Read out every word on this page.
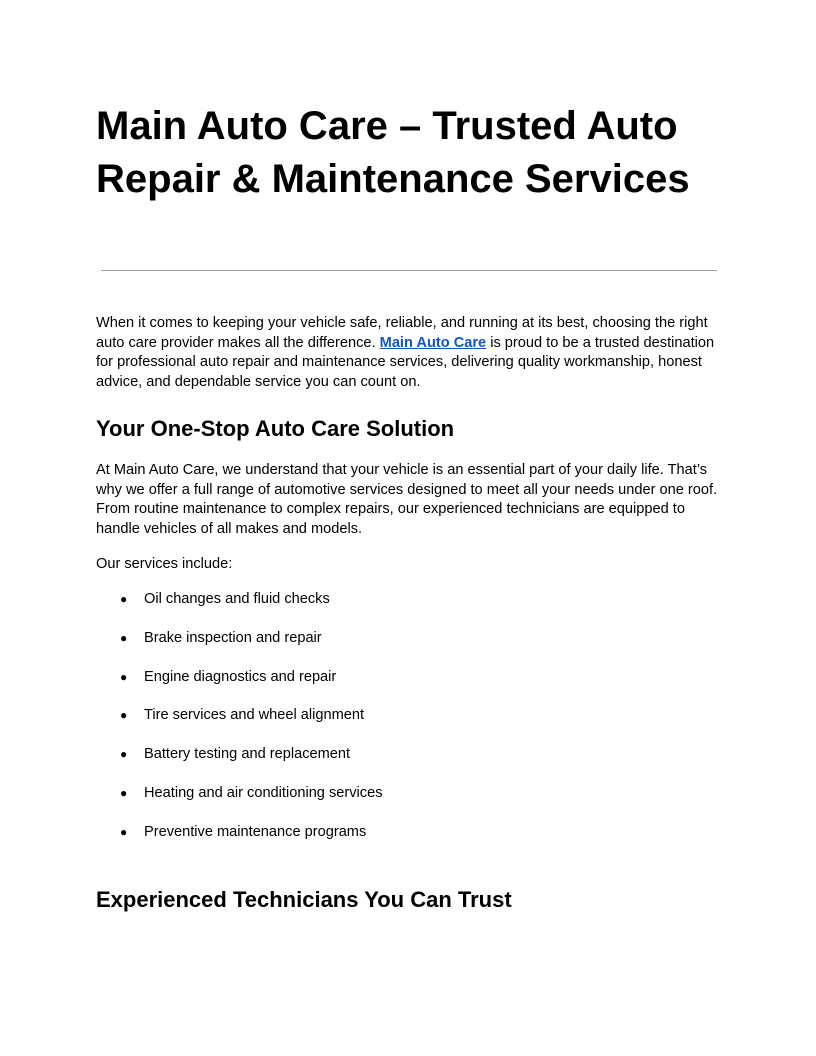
Main Auto Care – Trusted Auto Repair & Maintenance Services

When it comes to keeping your vehicle safe, reliable, and running at its best, choosing the right auto care provider makes all the difference. Main Auto Care is proud to be a trusted destination for professional auto repair and maintenance services, delivering quality workmanship, honest advice, and dependable service you can count on.

Your One-Stop Auto Care Solution

At Main Auto Care, we understand that your vehicle is an essential part of your daily life. That’s why we offer a full range of automotive services designed to meet all your needs under one roof. From routine maintenance to complex repairs, our experienced technicians are equipped to handle vehicles of all makes and models.

Our services include:

● Oil changes and fluid checks
● Brake inspection and repair
● Engine diagnostics and repair
● Tire services and wheel alignment
● Battery testing and replacement
● Heating and air conditioning services
● Preventive maintenance programs
Experienced Technicians You Can Trust
